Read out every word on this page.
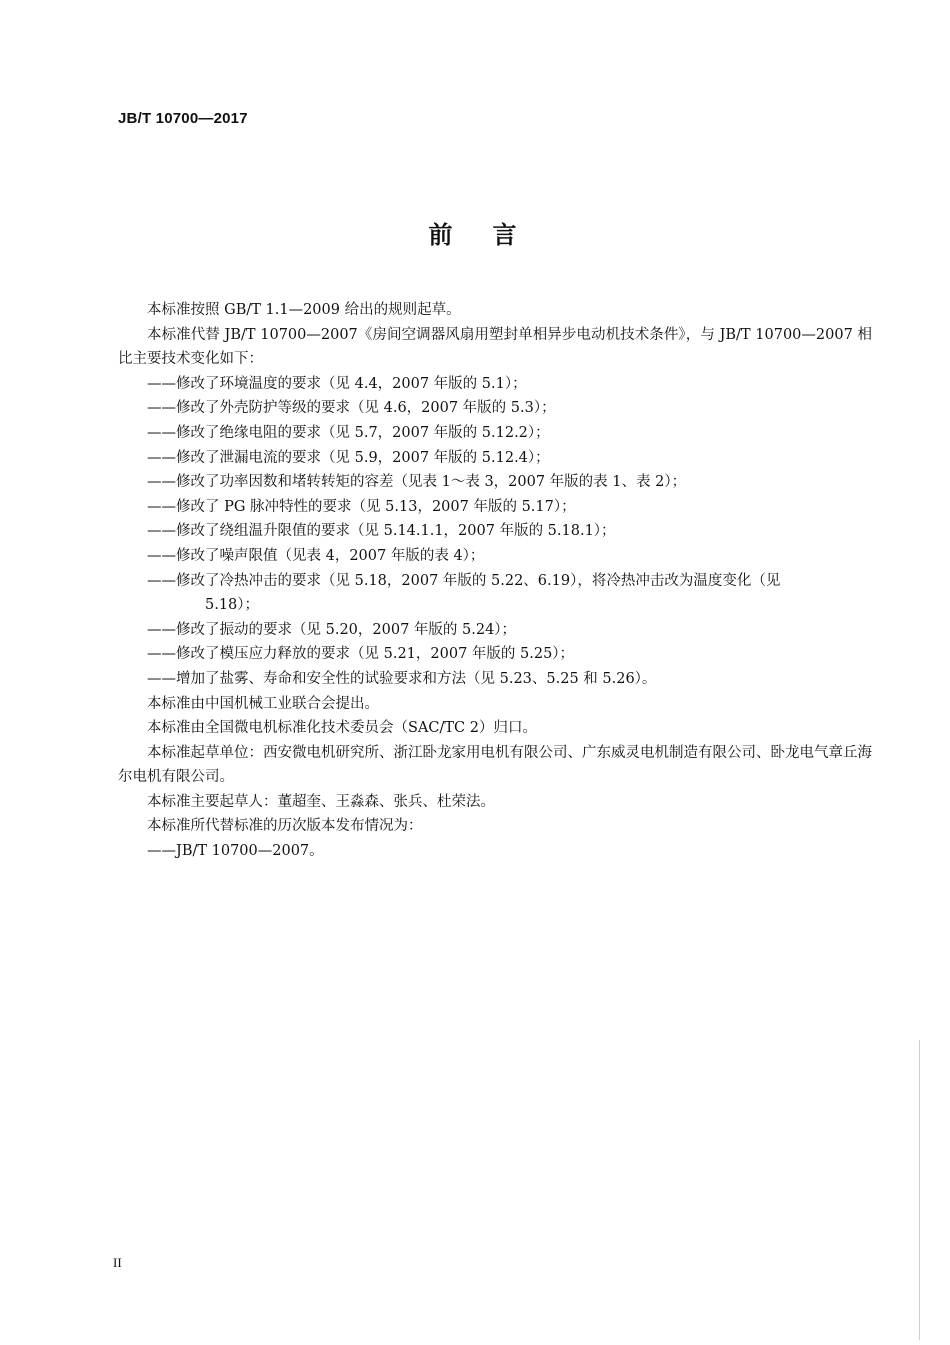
JB/T 10700—2017
前言

本标准按照 GB/T 1.1—2009 给出的规则起草。

本标准代替 JB/T 10700—2007《房间空调器风扇用塑封单相异步电动机技术条件》，与 JB/T 10700—2007 相比主要技术变化如下：

——修改了环境温度的要求（见 4.4，2007 年版的 5.1）；

——修改了外壳防护等级的要求（见 4.6，2007 年版的 5.3）；

——修改了绝缘电阻的要求（见 5.7，2007 年版的 5.12.2）；

——修改了泄漏电流的要求（见 5.9，2007 年版的 5.12.4）；

——修改了功率因数和堵转转矩的容差（见表 1～表 3，2007 年版的表 1、表 2）；

——修改了 PG 脉冲特性的要求（见 5.13，2007 年版的 5.17）；

——修改了绕组温升限值的要求（见 5.14.1.1，2007 年版的 5.18.1）；

——修改了噪声限值（见表 4，2007 年版的表 4）；

——修改了冷热冲击的要求（见 5.18，2007 年版的 5.22、6.19），将冷热冲击改为温度变化（见

5.18）；

——修改了振动的要求（见 5.20，2007 年版的 5.24）；

——修改了模压应力释放的要求（见 5.21，2007 年版的 5.25）；

——增加了盐雾、寿命和安全性的试验要求和方法（见 5.23、5.25 和 5.26）。

本标准由中国机械工业联合会提出。

本标准由全国微电机标准化技术委员会（SAC/TC 2）归口。

本标准起草单位：西安微电机研究所、浙江卧龙家用电机有限公司、广东威灵电机制造有限公司、卧龙电气章丘海尔电机有限公司。

本标准主要起草人：董超奎、王淼森、张兵、杜荣法。

本标准所代替标准的历次版本发布情况为：

——JB/T 10700—2007。

II
